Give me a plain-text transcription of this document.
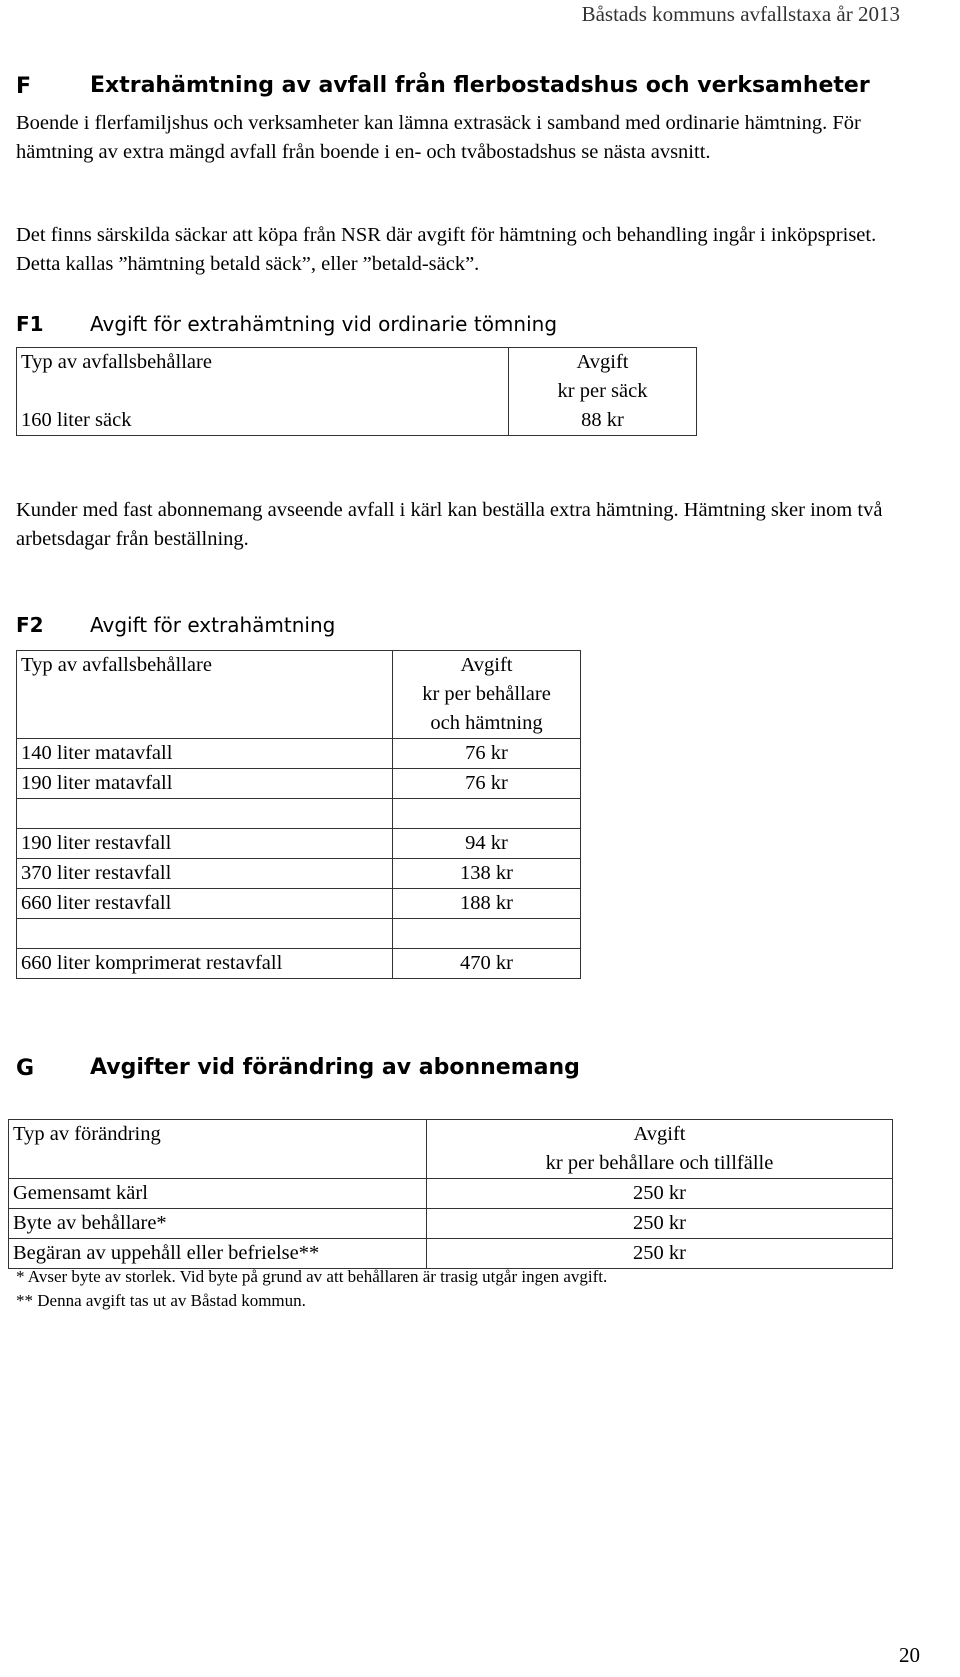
Båstads kommuns avfallstaxa år 2013
F	Extrahämtning av avfall från flerbostadshus och verksamheter
Boende i flerfamiljshus och verksamheter kan lämna extrasäck i samband med ordinarie hämtning. För hämtning av extra mängd avfall från boende i en- och tvåbostadshus se nästa avsnitt.
Det finns särskilda säckar att köpa från NSR där avgift för hämtning och behandling ingår i inköpspriset. Detta kallas ”hämtning betald säck”, eller ”betald-säck”.
F1 Avgift för extrahämtning vid ordinarie tömning
Typ av avfallsbehållare	Avgift
kr per säck

160 liter säck	88 kr
Kunder med fast abonnemang avseende avfall i kärl kan beställa extra hämtning. Hämtning sker inom två arbetsdagar från beställning.
F2 Avgift för extrahämtning
Typ av avfallsbehållare	Avgift
kr per behållare
och hämtning

140 liter matavfall	76 kr
190 liter matavfall	76 kr

190 liter restavfall	94 kr
370 liter restavfall	138 kr
660 liter restavfall	188 kr

660 liter komprimerat restavfall	470 kr
G	Avgifter vid förändring av abonnemang
Typ av förändring	Avgift
kr per behållare och tillfälle

Gemensamt kärl	250 kr
Byte av behållare*	250 kr
Begäran av uppehåll eller befrielse**	250 kr
* Avser byte av storlek. Vid byte på grund av att behållaren är trasig utgår ingen avgift.
** Denna avgift tas ut av Båstad kommun.
20
